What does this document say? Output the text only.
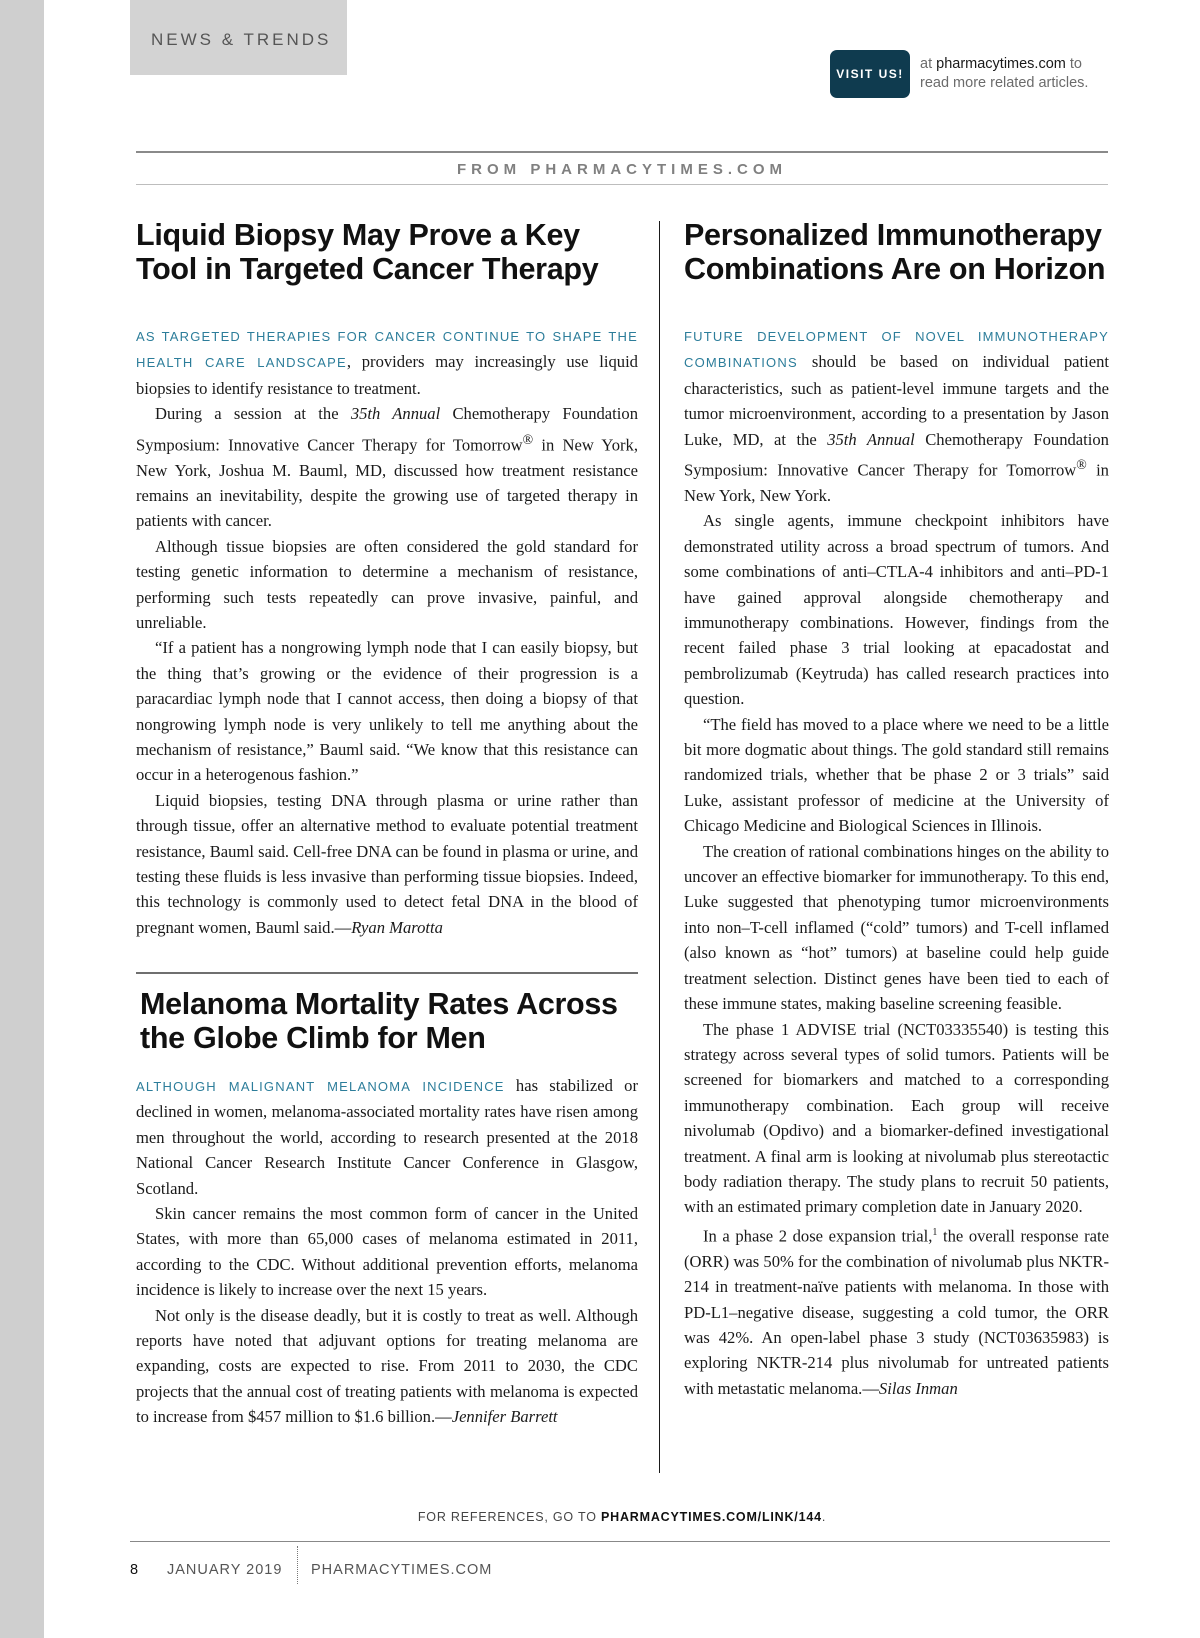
NEWS & TRENDS
VISIT US!
at pharmacytimes.com to
read more related articles.
FROM PHARMACYTIMES.COM
Liquid Biopsy May Prove a Key
Tool in Targeted Cancer Therapy

AS TARGETED THERAPIES FOR CANCER CONTINUE TO SHAPE THE HEALTH CARE LANDSCAPE, providers may increasingly use liquid biopsies to identify resistance to treatment.

During a session at the 35th Annual Chemotherapy Foundation Symposium: Innovative Cancer Therapy for Tomorrow® in New York, New York, Joshua M. Bauml, MD, discussed how treatment resistance remains an inevitability, despite the growing use of targeted therapy in patients with cancer.

Although tissue biopsies are often considered the gold standard for testing genetic information to determine a mechanism of resistance, performing such tests repeatedly can prove invasive, painful, and unreliable.

“If a patient has a nongrowing lymph node that I can easily biopsy, but the thing that’s growing or the evidence of their progression is a paracardiac lymph node that I cannot access, then doing a biopsy of that nongrowing lymph node is very unlikely to tell me anything about the mechanism of resistance,” Bauml said. “We know that this resistance can occur in a heterogenous fashion.”

Liquid biopsies, testing DNA through plasma or urine rather than through tissue, offer an alternative method to evaluate potential treatment resistance, Bauml said. Cell-free DNA can be found in plasma or urine, and testing these fluids is less invasive than performing tissue biopsies. Indeed, this technology is commonly used to detect fetal DNA in the blood of pregnant women, Bauml said.—Ryan Marotta

Melanoma Mortality Rates Across
the Globe Climb for Men

ALTHOUGH MALIGNANT MELANOMA INCIDENCE has stabilized or declined in women, melanoma-associated mortality rates have risen among men throughout the world, according to research presented at the 2018 National Cancer Research Institute Cancer Conference in Glasgow, Scotland.

Skin cancer remains the most common form of cancer in the United States, with more than 65,000 cases of melanoma estimated in 2011, according to the CDC. Without additional prevention efforts, melanoma incidence is likely to increase over the next 15 years.

Not only is the disease deadly, but it is costly to treat as well. Although reports have noted that adjuvant options for treating melanoma are expanding, costs are expected to rise. From 2011 to 2030, the CDC projects that the annual cost of treating patients with melanoma is expected to increase from $457 million to $1.6 billion.—Jennifer Barrett

Personalized Immunotherapy
Combinations Are on Horizon

FUTURE DEVELOPMENT OF NOVEL IMMUNOTHERAPY COMBINATIONS should be based on individual patient characteristics, such as patient-level immune targets and the tumor microenvironment, according to a presentation by Jason Luke, MD, at the 35th Annual Chemotherapy Foundation Symposium: Innovative Cancer Therapy for Tomorrow® in New York, New York.

As single agents, immune checkpoint inhibitors have demonstrated utility across a broad spectrum of tumors. And some combinations of anti–CTLA-4 inhibitors and anti–PD-1 have gained approval alongside chemotherapy and immunotherapy combinations. However, findings from the recent failed phase 3 trial looking at epacadostat and pembrolizumab (Keytruda) has called research practices into question.

“The field has moved to a place where we need to be a little bit more dogmatic about things. The gold standard still remains randomized trials, whether that be phase 2 or 3 trials” said Luke, assistant professor of medicine at the University of Chicago Medicine and Biological Sciences in Illinois.

The creation of rational combinations hinges on the ability to uncover an effective biomarker for immunotherapy. To this end, Luke suggested that phenotyping tumor microenvironments into non–T-cell inflamed (“cold” tumors) and T-cell inflamed (also known as “hot” tumors) at baseline could help guide treatment selection. Distinct genes have been tied to each of these immune states, making baseline screening feasible.

The phase 1 ADVISE trial (NCT03335540) is testing this strategy across several types of solid tumors. Patients will be screened for biomarkers and matched to a corresponding immunotherapy combination. Each group will receive nivolumab (Opdivo) and a biomarker-defined investigational treatment. A final arm is looking at nivolumab plus stereotactic body radiation therapy. The study plans to recruit 50 patients, with an estimated primary completion date in January 2020.

In a phase 2 dose expansion trial,$^1$ the overall response rate (ORR) was 50% for the combination of nivolumab plus NKTR-214 in treatment-naïve patients with melanoma. In those with PD-L1–negative disease, suggesting a cold tumor, the ORR was 42%. An open-label phase 3 study (NCT03635983) is exploring NKTR-214 plus nivolumab for untreated patients with metastatic melanoma.—Silas Inman

FOR REFERENCES, GO TO PHARMACYTIMES.COM/LINK/144.
8 JANUARY 2019 PHARMACYTIMES.COM
